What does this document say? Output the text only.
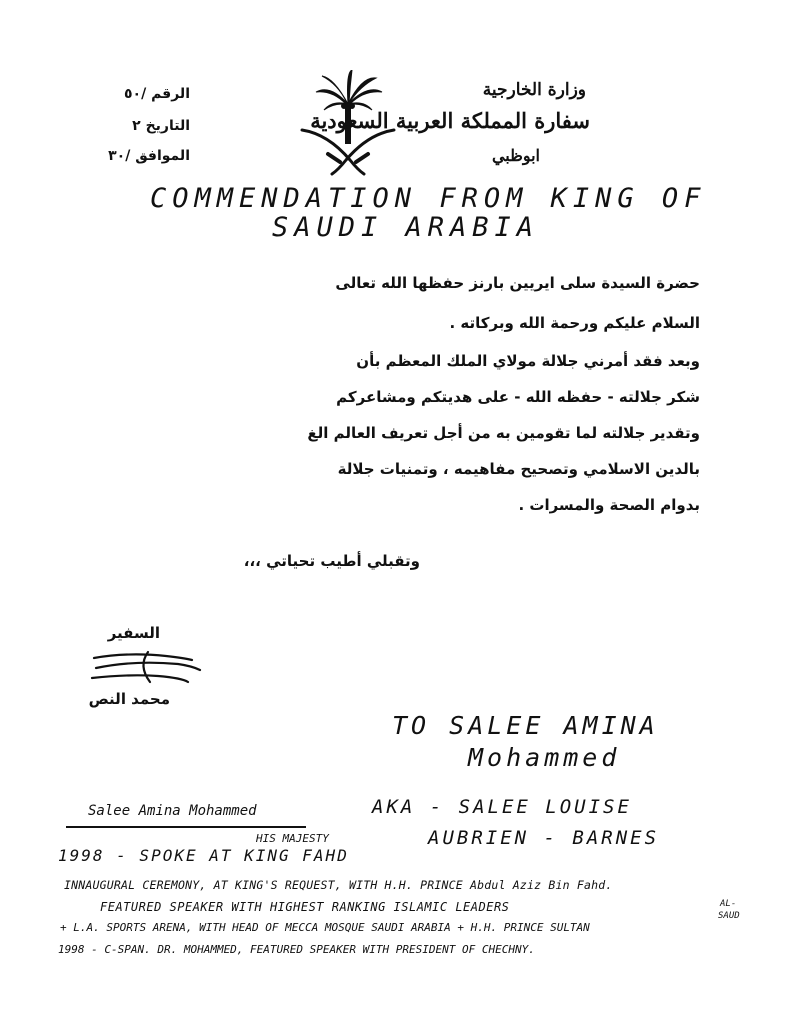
الرقم /٥٠
التاريخ ٢
الموافق /٣٠
وزارة الخارجية
سفارة المملكة العربية السعودية
ابوظبي
COMMENDATION FROM KING OF
SAUDI ARABIA
حضرة السيدة سلى ايريين بارنز حفظها الله تعالى
السلام عليكم ورحمة الله وبركاته .
وبعد فقد أمرني جلالة مولاي الملك المعظم بأن
شكر جلالته - حفظه الله - على هديتكم ومشاعركم
وتقدير جلالته لما تقومين به من أجل تعريف العالم الغ
بالدين الاسلامي وتصحيح مفاهيمه ، وتمنيات جلالة
بدوام الصحة والمسرات .
وتقبلي أطيب تحياتي ،،،
السفير
محمد النص
TO SALEE AMINA
Mohammed
Salee Amina Mohammed	AKA - SALEE LOUISE
AUBRIEN - BARNES
HIS MAJESTY
1998 - SPOKE AT KING FAHD
INNAUGURAL CEREMONY, AT KING'S REQUEST, WITH H.H. PRINCE Abdul Aziz Bin Fahd.
FEATURED SPEAKER WITH HIGHEST RANKING ISLAMIC LEADERS	AL-
SAUD
+ L.A. SPORTS ARENA, WITH HEAD OF MECCA MOSQUE SAUDI ARABIA + H.H. PRINCE SULTAN
1998 - C-SPAN. DR. MOHAMMED, FEATURED SPEAKER WITH PRESIDENT OF CHECHNY.
